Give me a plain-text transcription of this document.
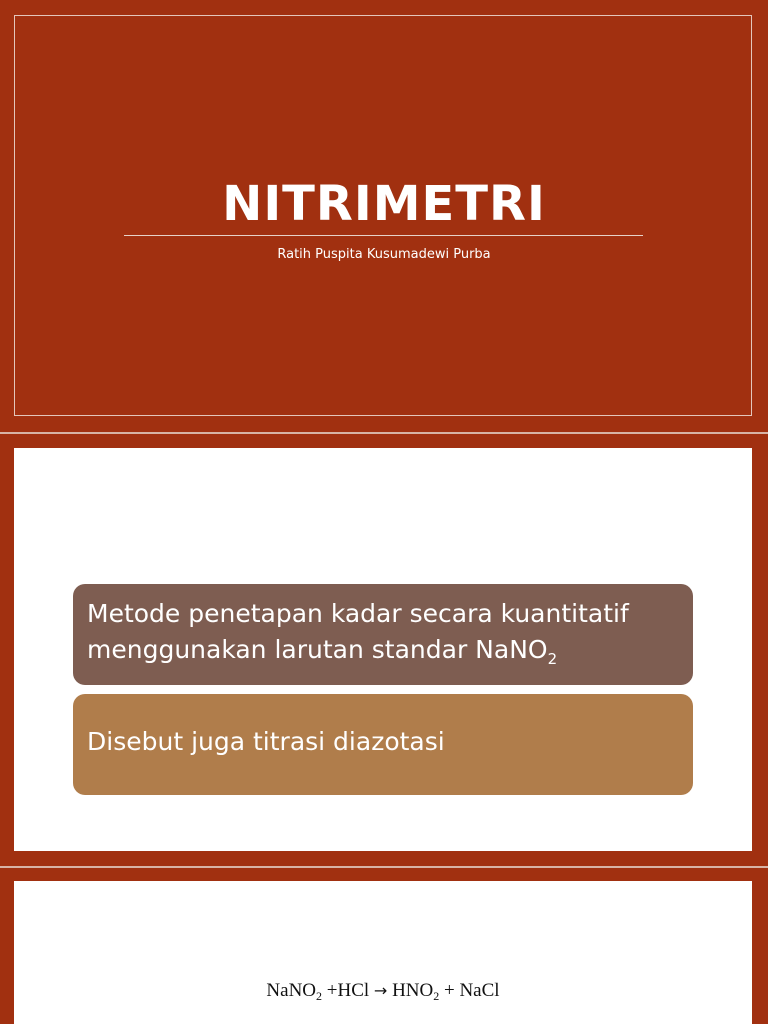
NITRIMETRI
Ratih Puspita Kusumadewi Purba
Metode penetapan kadar secara kuantitatif
menggunakan larutan standar NaNO$_2$
Disebut juga titrasi diazotasi
NaNO$_2$ $+HCl \to HNO_2$ + NaCl
